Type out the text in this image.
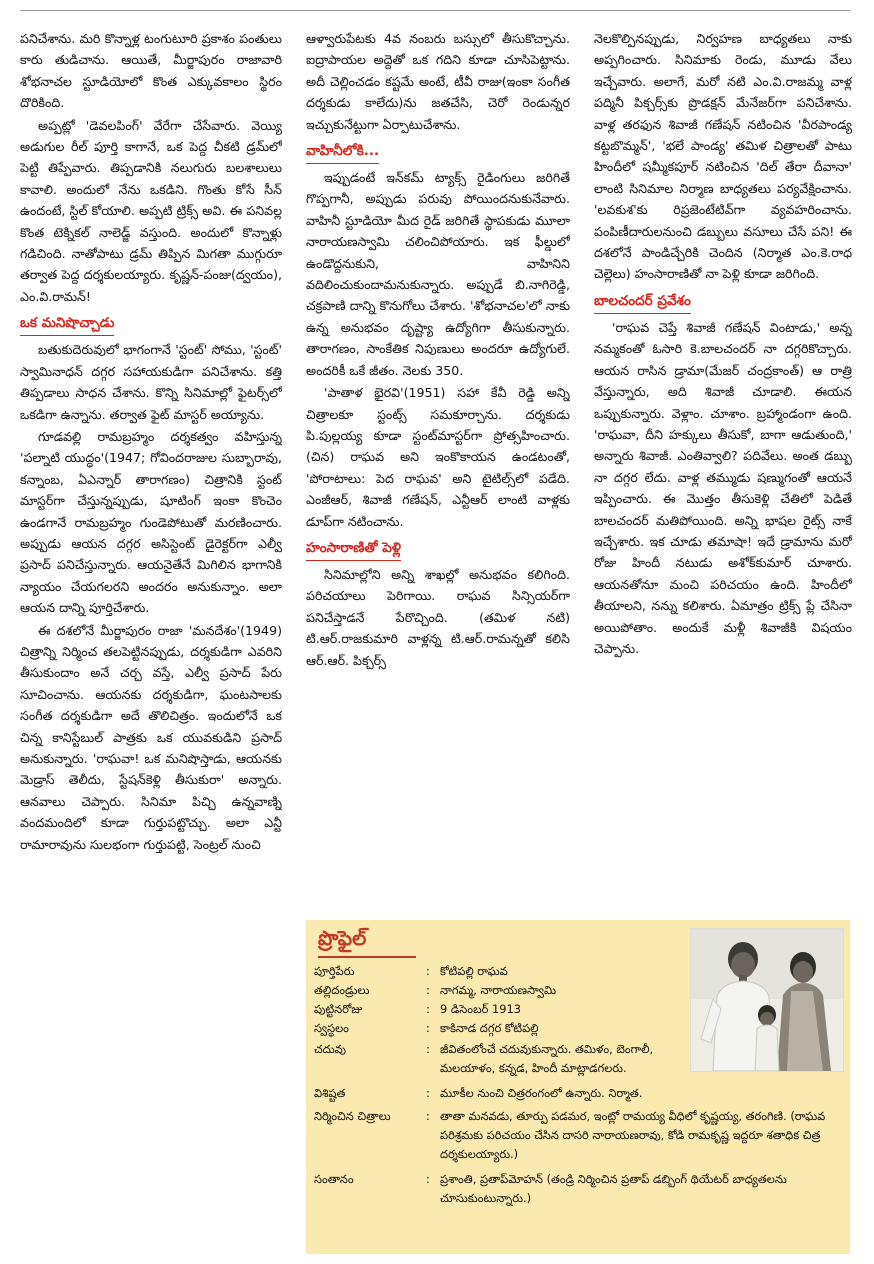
పనిచేశాను. మరి కొన్నాళ్ల టంగుటూరి ప్రకాశం పంతులు కారు తుడిచాను. ఆయితే, మీర్జాపురం రాజావారి శోభనాచల స్టూడియోలో కొంత ఎక్కువకాలం స్థిరం దొరికింది.

అప్పట్లో 'డెవలపింగ్' వేరేగా చేసేవారు. వెయ్యి అడుగుల రీల్ పూర్తి కాగానే, ఒక పెద్ద చీకటి డ్రమ్‌లో పెట్టి తిప్పేవారు. తిప్పడానికి నలుగురు బలశాలులు కావాలి. అందులో నేను ఒకడిని. గొంతు కోసే సీన్ ఉందంటే, స్టిల్ కోయాలి. అప్పటి ట్రిక్స్ అవి. ఈ పనివల్ల కొంత టెక్నికల్ నాలెడ్జ్ వస్తుంది. అందులో కొన్నాళ్లు గడిచింది. నాతోపాటు డ్రమ్ తిప్పిన మిగతా ముగ్గురూ తర్వాత పెద్ద దర్శకులయ్యారు. కృష్ణన్-పంజు(ద్వయం), ఎం.వి.రామన్!

ఒక మనిషొచ్చాడు

బతుకుదెరువులో భాగంగానే 'స్టంట్' సోము, 'స్టంట్' స్వామినాధన్ దగ్గర సహాయకుడిగా పనిచేశాను. కత్తి తిప్పడాలు సాధన చేశాను. కొన్ని సినిమాల్లో ఫైటర్స్‌లో ఒకడిగా ఉన్నాను. తర్వాత ఫైట్ మాస్టర్ అయ్యాను.

గూడవల్లి రామబ్రహ్మం దర్శకత్వం వహిస్తున్న 'పల్నాటి యుద్ధం'(1947; గోవిందరాజుల సుబ్బారావు, కన్నాంబ, ఏఎన్నార్ తారాగణం) చిత్రానికి స్టంట్ మాస్టర్‌గా చేస్తున్నప్పుడు, షూటింగ్ ఇంకా కొంచెం ఉండగానే రామబ్రహ్మం గుండెపోటుతో మరణించారు. అప్పుడు ఆయన దగ్గర అసిస్టెంట్ డైరెక్టర్‌గా ఎల్వీ ప్రసాద్ పనిచేస్తున్నారు. ఆయనైతేనే మిగిలిన భాగానికి న్యాయం చేయగలరని అందరం అనుకున్నాం. అలా ఆయన దాన్ని పూర్తిచేశారు.

ఈ దశలోనే మీర్జాపురం రాజా 'మనదేశం'(1949) చిత్రాన్ని నిర్మించ తలపెట్టినప్పుడు, దర్శకుడిగా ఎవరిని తీసుకుందాం అనే చర్చ వస్తే, ఎల్వీ ప్రసాద్ పేరు సూచించాను. ఆయనకు దర్శకుడిగా, ఘంటసాలకు సంగీత దర్శకుడిగా అదే తొలిచిత్రం. ఇందులోనే ఒక చిన్న కానిస్టేబుల్ పాత్రకు ఒక యువకుడిని ప్రసాద్ అనుకున్నారు. 'రాఘవా! ఒక మనిషొస్తాడు, ఆయనకు మెడ్రాస్ తెలీదు, స్టేషన్‌కెళ్లి తీసుకురా' అన్నారు. ఆనవాలు చెప్పారు. సినిమా పిచ్చి ఉన్నవాణ్ని వందమందిలో కూడా గుర్తుపట్టొచ్చు. అలా ఎన్టీ రామారావును సులభంగా గుర్తుపట్టి, సెంట్రల్ నుంచి

ఆళ్వారుపేటకు 4వ నంబరు బస్సులో తీసుకొచ్చాను. ఐద్రాపాయల అద్దెతో ఒక గదిని కూడా చూసిపెట్టాను. అదీ చెల్లించడం కష్టమే అంటే, టీవీ రాజు(ఇంకా సంగీత దర్శకుడు కాలేదు)ను జతచేసి, చెరో రెండున్నర ఇచ్చుకునేట్టుగా ఏర్పాటుచేశాను.

వాహినీలోకి...

ఇప్పుడంటే ఇన్‌కమ్ ట్యాక్స్ రైడింగులు జరిగితే గొప్పగానీ, అప్పుడు పరువు పోయిందనుకునేవారు. వాహినీ స్టూడియో మీద రైడ్ జరిగితే స్థాపకుడు మూలా నారాయణస్వామి చలించిపోయారు. ఇక ఫీల్డులో ఉండొద్దనుకుని, వాహినిని వదిలించుకుందామనుకున్నారు. అప్పుడే బి.నాగిరెడ్డి, చక్రపాణి దాన్ని కొనుగోలు చేశారు. 'శోభనాచల'లో నాకు ఉన్న అనుభవం దృష్ట్యా ఉద్యోగిగా తీసుకున్నారు. తారాగణం, సాంకేతిక నిపుణులు అందరూ ఉద్యోగులే. అందరికీ ఒకే జీతం. నెలకు 350.

'పాతాళ భైరవి'(1951) సహా కేవీ రెడ్డి అన్ని చిత్రాలకూ స్టంట్స్ సమకూర్చాను. దర్శకుడు పి.పుల్లయ్య కూడా స్టంట్‌మాస్టర్‌గా ప్రోత్సహించారు. (చిన) రాఘవ అని ఇంకొకాయన ఉండటంతో, 'పోరాటాలు: పెద రాఘవ' అని టైటిల్స్‌లో పడేది. ఎంజీఆర్, శివాజీ గణేషన్, ఎన్టీఆర్ లాంటి వాళ్లకు డూప్‌గా నటించాను.

హంసారాణితో పెళ్లి

సినిమాల్లోని అన్ని శాఖల్లో అనుభవం కలిగింది. పరిచయాలు పెరిగాయి. రాఘవ సిన్సియర్‌గా పనిచేస్తాడనే పేరొచ్చింది. (తమిళ నటి) టి.ఆర్.రాజకుమారి వాళ్లన్న టి.ఆర్.రామన్నతో కలిసి ఆర్.ఆర్. పిక్చర్స్

నెలకొల్పినప్పుడు, నిర్వహణ బాధ్యతలు నాకు అప్పగించారు. సినిమాకు రెండు, మూడు వేలు ఇచ్చేవారు. అలాగే, మరో నటి ఎం.వి.రాజమ్మ వాళ్ల పద్మినీ పిక్చర్స్‌కు ప్రొడక్షన్ మేనేజర్‌గా పనిచేశాను. వాళ్ల తరఫున శివాజీ గణేషన్ నటించిన 'వీరపాండ్య కట్టబొమ్మన్', 'భలే పాండ్య' తమిళ చిత్రాలతో పాటు హిందీలో షమ్మీకపూర్ నటించిన 'దిల్ తేరా దీవానా' లాంటి సినిమాల నిర్మాణ బాధ్యతలు పర్యవేక్షించాను. 'లవకుశ'కు రిప్రజెంటేటివ్‌గా వ్యవహరించాను. పంపిణీదారులనుంచి డబ్బులు వసూలు చేసే పని! ఈ దశలోనే పాండిచ్చేరికి చెందిన (నిర్మాత ఎం.కె.రాధ చెల్లెలు) హంసారాణితో నా పెళ్లి కూడా జరిగింది.

బాలచందర్ ప్రవేశం

'రాఘవ చెప్తే శివాజీ గణేషన్ వింటాడు,' అన్న నమ్మకంతో ఓసారి కె.బాలచందర్ నా దగ్గరికొచ్చారు. ఆయన రాసిన డ్రామా(మేజర్ చంద్రకాంత్) ఆ రాత్రి వేస్తున్నారు, అది శివాజీ చూడాలి. ఈయన ఒప్పుకున్నారు. వెళ్లాం. చూశాం. బ్రహ్మాండంగా ఉంది. 'రాఘవా, దీని హక్కులు తీసుకో, బాగా ఆడుతుంది,' అన్నారు శివాజీ. ఎంతివ్వాలి? పదివేలు. అంత డబ్బు నా దగ్గర లేదు. వాళ్ల తమ్ముడు షణ్ముగంతో ఆయనే ఇప్పించారు. ఈ మొత్తం తీసుకెళ్లి చేతిలో పెడితే బాలచందర్ మతిపోయింది. అన్ని భాషల రైట్స్ నాకే ఇచ్చేశారు. ఇక చూడు తమాషా! ఇదే డ్రామాను మరో రోజు హిందీ నటుడు అశోక్‌కుమార్ చూశారు. ఆయనతోనూ మంచి పరిచయం ఉంది. హిందీలో తీయాలని, నన్ను కలిశారు. ఏమాత్రం ట్రిక్స్ ప్లే చేసినా అయిపోతాం. అందుకే మళ్లీ శివాజీకి విషయం చెప్పాను.

ప్రొఫైల్
పూర్తిపేరు	: కోటిపల్లి రాఘవ
తల్లిదండ్రులు	: నాగమ్మ, నారాయణస్వామి
పుట్టినరోజు	: 9 డిసెంబర్ 1913
స్వస్థలం	: కాకినాడ దగ్గర కోటిపల్లి
చదువు	: జీవితంలోంచే చదువుకున్నారు. తమిళం, బెంగాలీ, మలయాళం, కన్నడ, హిందీ మాట్లాడగలరు.
విశిష్టత	: మూకీల నుంచి చిత్రరంగంలో ఉన్నారు. నిర్మాత.
నిర్మించిన చిత్రాలు	: తాతా మనవడు, తూర్పు పడమర, ఇంట్లో రామయ్య వీధిలో కృష్ణయ్య, తరంగిణి. (రాఘవ పరిశ్రమకు పరిచయం చేసిన దాసరి నారాయణరావు, కోడి రామకృష్ణ ఇద్దరూ శతాధిక చిత్ర దర్శకులయ్యారు.)
సంతానం	: ప్రశాంతి, ప్రతాప్‌మోహన్ (తండ్రి నిర్మించిన ప్రతాప్ డబ్బింగ్ థియేటర్ బాధ్యతలను చూసుకుంటున్నారు.)
